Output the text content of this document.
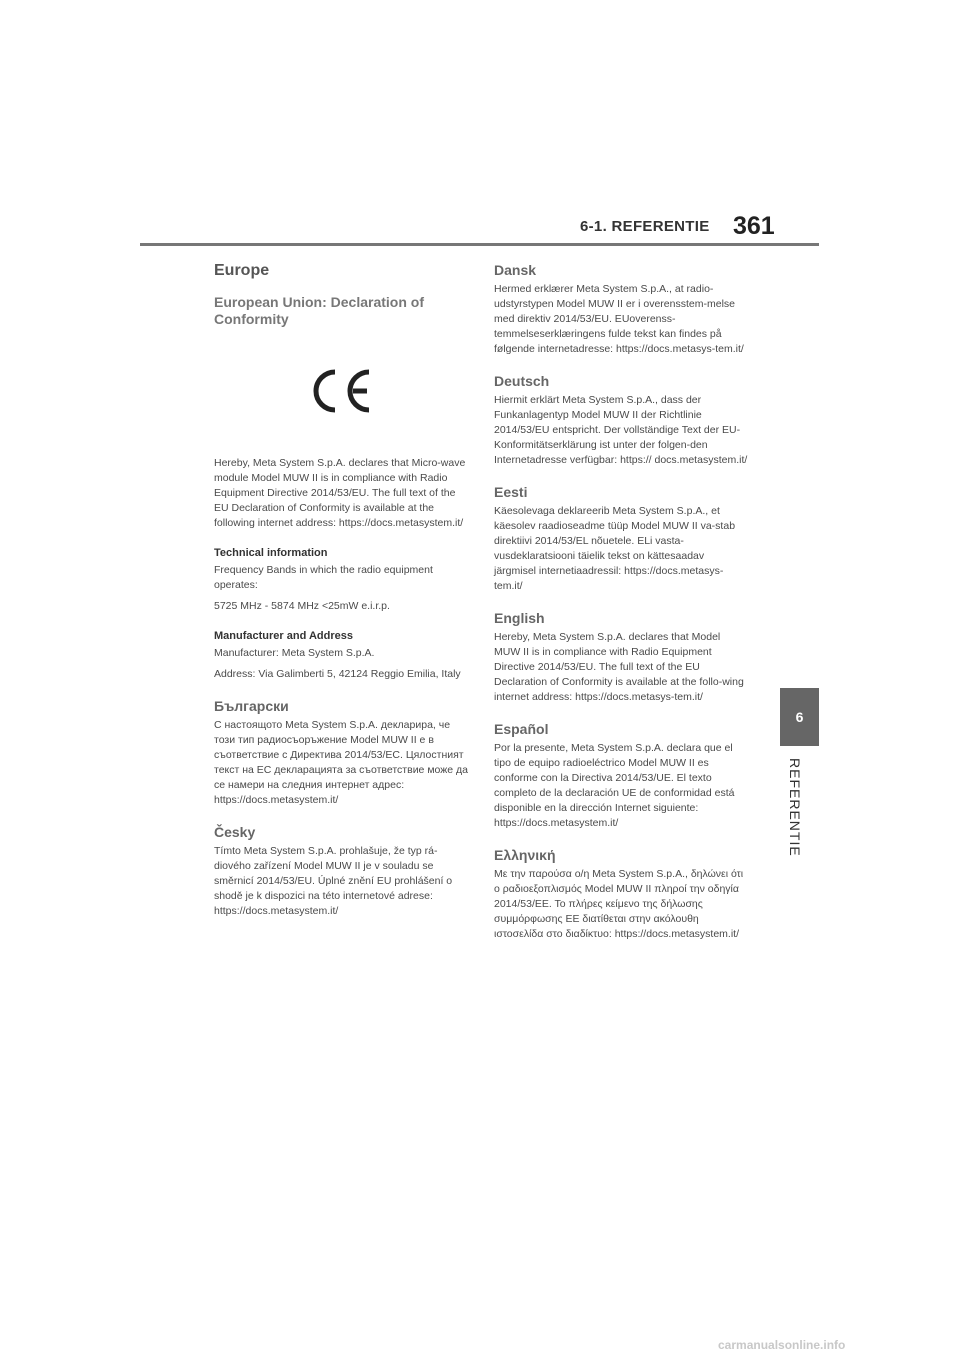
6-1. REFERENTIE 361
6
REFERENTIE
Europe
European Union: Declaration of Conformity

Hereby, Meta System S.p.A. declares that Micro-wave module Model MUW II is in compliance with Radio Equipment Directive 2014/53/EU. The full text of the EU Declaration of Conformity is available at the following internet address: https://docs.metasystem.it/

Technical information

Frequency Bands in which the radio equipment operates:

5725 MHz - 5874 MHz <25mW e.i.r.p.

Manufacturer and Address

Manufacturer: Meta System S.p.A.

Address: Via Galimberti 5, 42124 Reggio Emilia, Italy

Български

С настоящото Meta System S.p.A. декларира, че този тип радиосъоръжение Model MUW II е в съответствие с Директива 2014/53/ЕС. Цялостният текст на ЕС декларацията за съответствие може да се намери на следния интернет адрес: https://docs.metasystem.it/

Česky

Tímto Meta System S.p.A. prohlašuje, že typ rá-diového zařízení Model MUW II je v souladu se směrnicí 2014/53/EU. Úplné znění EU prohlášení o shodě je k dispozici na této internetové adrese: https://docs.metasystem.it/

Dansk

Hermed erklærer Meta System S.p.A., at radio-udstyrstypen Model MUW II er i overensstem-melse med direktiv 2014/53/EU. EUoverenss-temmelseserklæringens fulde tekst kan findes på følgende internetadresse: https://docs.metasys-tem.it/

Deutsch

Hiermit erklärt Meta System S.p.A., dass der Funkanlagentyp Model MUW II der Richtlinie 2014/53/EU entspricht. Der vollständige Text der EU-Konformitätserklärung ist unter der folgen-den Internetadresse verfügbar: https:// docs.metasystem.it/

Eesti

Käesolevaga deklareerib Meta System S.p.A., et käesolev raadioseadme tüüp Model MUW II va-stab direktiivi 2014/53/EL nõuetele. ELi vasta-vusdeklaratsiooni täielik tekst on kättesaadav järgmisel internetiaadressil: https://docs.metasys-tem.it/

English

Hereby, Meta System S.p.A. declares that Model MUW II is in compliance with Radio Equipment Directive 2014/53/EU. The full text of the EU Declaration of Conformity is available at the follo-wing internet address: https://docs.metasys-tem.it/

Español

Por la presente, Meta System S.p.A. declara que el tipo de equipo radioeléctrico Model MUW II es conforme con la Directiva 2014/53/UE. El texto completo de la declaración UE de conformidad está disponible en la dirección Internet siguiente: https://docs.metasystem.it/

Ελληνική

Με την παρούσα ο/η Meta System S.p.A., δηλώνει ότι ο ραδιοεξοπλισμός Model MUW II πληροί την οδηγία 2014/53/ΕΕ. Το πλήρες κείμενο της δήλωσης συμμόρφωσης ΕΕ διατίθεται στην ακόλουθη ιστοσελίδα στο διαδίκτυο: https://docs.metasystem.it/

carmanualsonline.info
